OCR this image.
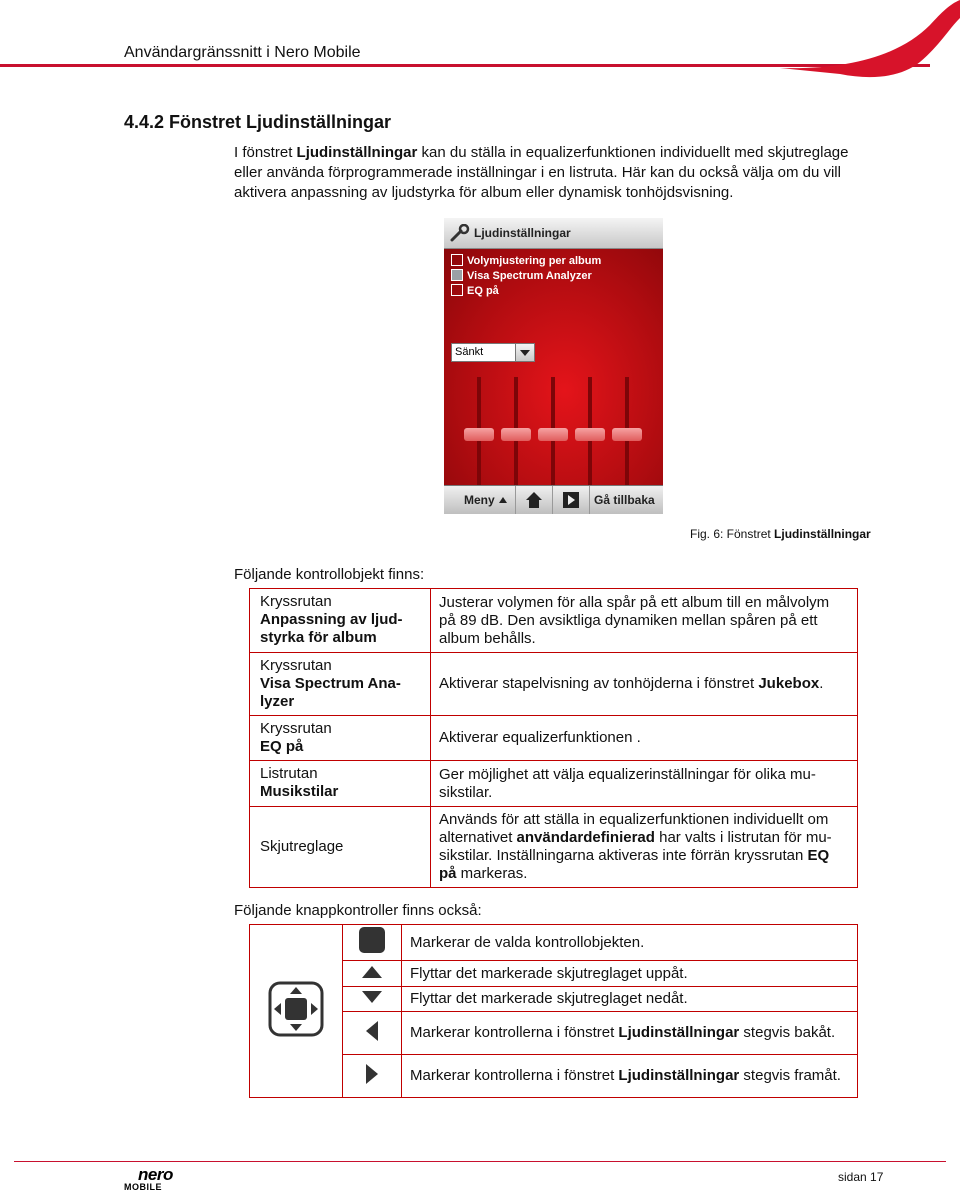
Användargränssnitt i Nero Mobile
4.4.2 Fönstret Ljudinställningar
I fönstret Ljudinställningar kan du ställa in equalizerfunktionen individuellt med skjutreglage eller använda förprogrammerade inställningar i en listruta. Här kan du också välja om du vill aktivera anpassning av ljudstyrka för album eller dynamisk tonhöjdsvisning.
Ljudinställningar
Volymjustering per album
Visa Spectrum Analyzer
EQ på
Sänkt
Meny	Gå tillbaka
Fig. 6: Fönstret Ljudinställningar
Följande kontrollobjekt finns:
Kryssrutan
Anpassning av ljud-styrka för album	Justerar volymen för alla spår på ett album till en målvolym på 89 dB. Den avsiktliga dynamiken mellan spåren på ett album behålls.

Kryssrutan
Visa Spectrum Ana-lyzer	Aktiverar stapelvisning av tonhöjderna i fönstret Jukebox.

Kryssrutan
EQ på	Aktiverar equalizerfunktionen .

Listrutan
Musikstilar	Ger möjlighet att välja equalizerinställningar för olika mu-sikstilar.

Skjutreglage	Används för att ställa in equalizerfunktionen individuellt om alternativet användardefinierad har valts i listrutan för mu-sikstilar. Inställningarna aktiveras inte förrän kryssrutan EQ på markeras.
Följande knappkontroller finns också:
		Markerar de valda kontrollobjekten.
	Flyttar det markerade skjutreglaget uppåt.
	Flyttar det markerade skjutreglaget nedåt.
	Markerar kontrollerna i fönstret Ljudinställningar stegvis bakåt.
	Markerar kontrollerna i fönstret Ljudinställningar stegvis framåt.
nero
MOBILE
sidan 17
